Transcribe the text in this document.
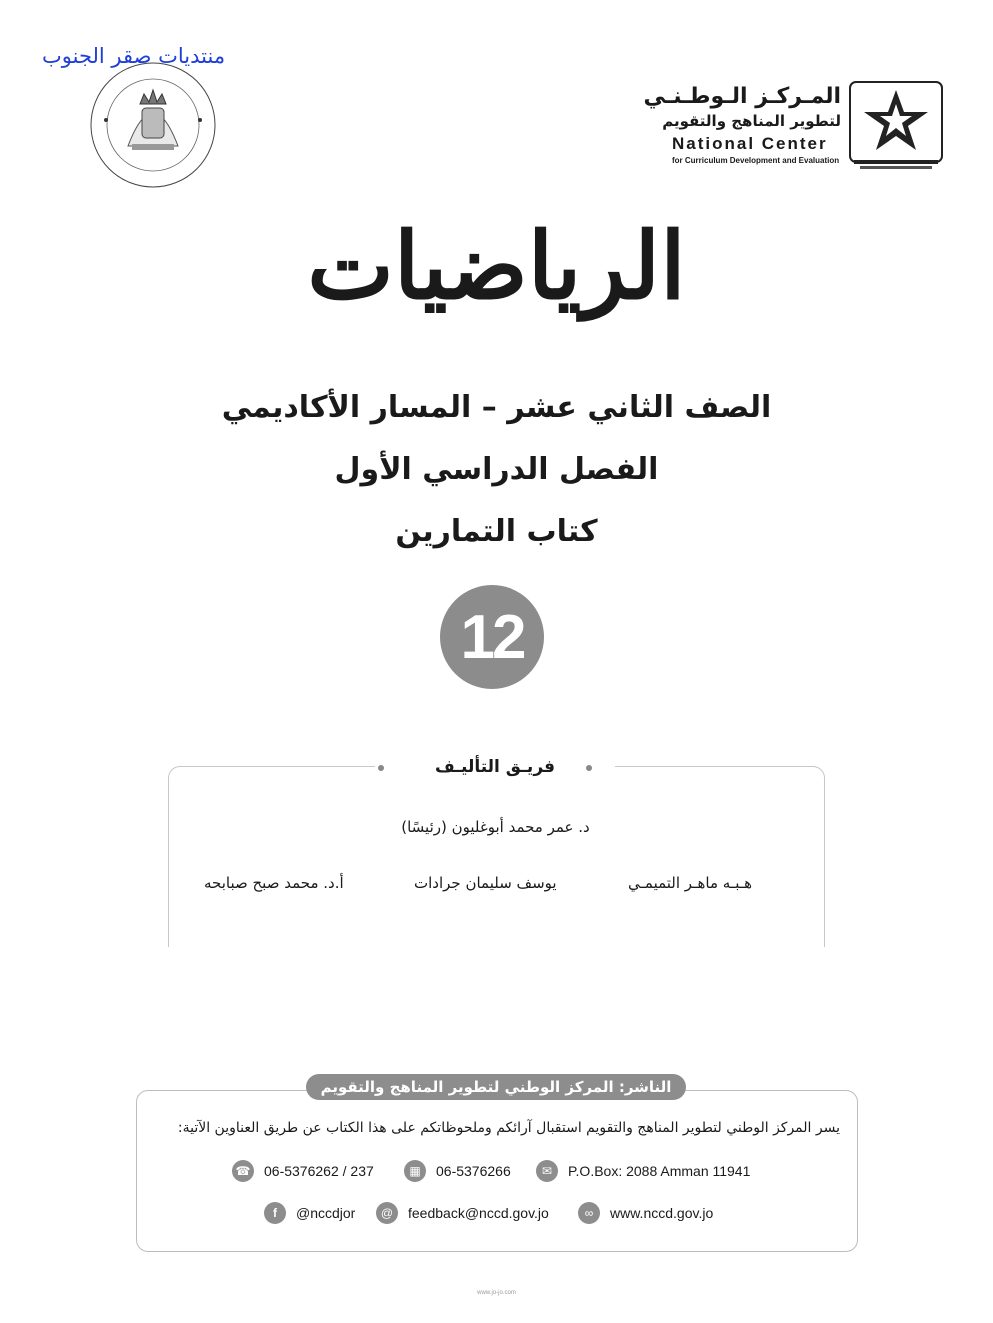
منتديات صقر الجنوب
المـركـز الـوطـنـي
لتطوير المناهج والتقويم
National Center
for Curriculum Development and Evaluation
الرياضيات
الصف الثاني عشر – المسار الأكاديمي
الفصل الدراسي الأول
كتاب التمارين
12
فريـق التأليـف
د. عمر محمد أبوغليون (رئيسًا)
هـبـه ماهـر التميمـي
يوسف سليمان جرادات
أ.د. محمد صبح صبابحه
الناشر: المركز الوطني لتطوير المناهج والتقويم
يسر المركز الوطني لتطوير المناهج والتقويم استقبال آرائكم وملحوظاتكم على هذا الكتاب عن طريق العناوين الآتية:
☎ 06-5376262 / 237	▦	06-5376266	✉	P.O.Box: 2088 Amman 11941
f	@nccdjor	@	feedback@nccd.gov.jo	∞	www.nccd.gov.jo
www.jo-jo.com
